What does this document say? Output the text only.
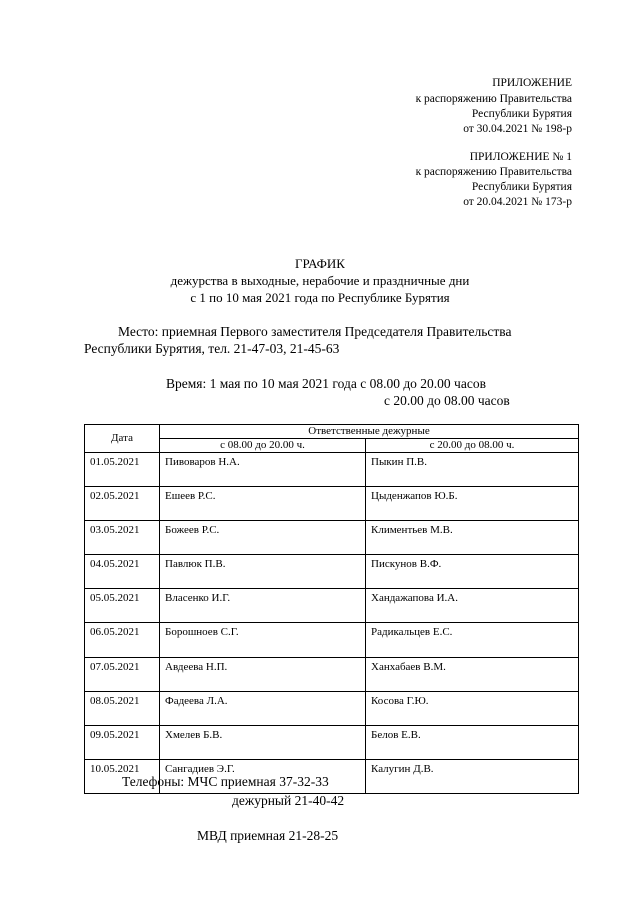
ПРИЛОЖЕНИЕ
к распоряжению Правительства
Республики Бурятия
от 30.04.2021 № 198-р
ПРИЛОЖЕНИЕ № 1
к распоряжению Правительства
Республики Бурятия
от 20.04.2021 № 173-р
ГРАФИК
дежурства в выходные, нерабочие и праздничные дни
с 1 по 10 мая 2021 года по Республике Бурятия
Место: приемная Первого заместителя Председателя Правительства
Республики Бурятия, тел. 21-47-03, 21-45-63
Время: 1 мая по 10 мая 2021 года с 08.00 до 20.00 часов
с 20.00 до 08.00 часов
Дата	Ответственные дежурные	
	с 08.00 до 20.00 ч.	с 20.00 до 08.00 ч.
01.05.2021	Пивоваров Н.А.	Пыкин П.В.
02.05.2021	Ешеев Р.С.	Цыденжапов Ю.Б.
03.05.2021	Божеев Р.С.	Климентьев М.В.
04.05.2021	Павлюк П.В.	Пискунов В.Ф.
05.05.2021	Власенко И.Г.	Хандажапова И.А.
06.05.2021	Борошноев С.Г.	Радикальцев Е.С.
07.05.2021	Авдеева Н.П.	Ханхабаев В.М.
08.05.2021	Фадеева Л.А.	Косова Г.Ю.
09.05.2021	Хмелев Б.В.	Белов Е.В.
10.05.2021	Сангадиев Э.Г.	Калугин Д.В.
Телефоны: МЧС приемная 37-32-33
дежурный 21-40-42
МВД приемная 21-28-25
